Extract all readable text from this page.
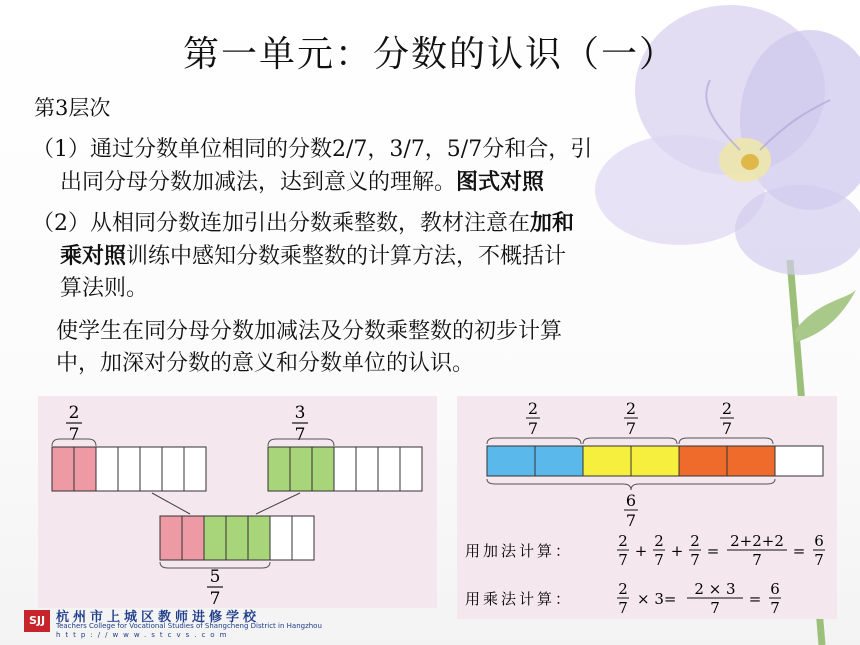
第一单元：分数的认识（一）
第3层次
（1）通过分数单位相同的分数2/7，3/7，5/7分和合，引

出同分母分数加减法，达到意义的理解。图式对照
（2）从相同分数连加引出分数乘整数，教材注意在加和

乘对照训练中感知分数乘整数的计算方法，不概括计
算法则。
使学生在同分母分数加减法及分数乘整数的初步计算
中，加深对分数的意义和分数单位的认识。
2
7
3
7
5
7
2
7
2
7
2
7
6
7
用加法计算：
2
7 +
2
7 +
2
7 =
2+2+2
7 =
6
7
用乘法计算：
2
7 × 3=
2 × 3
7 =
6
7
SJJ 杭州市上城区教师进修学校
Teachers College for Vocational Studies of Shangcheng District in Hangzhou
http://www.stcvs.com
